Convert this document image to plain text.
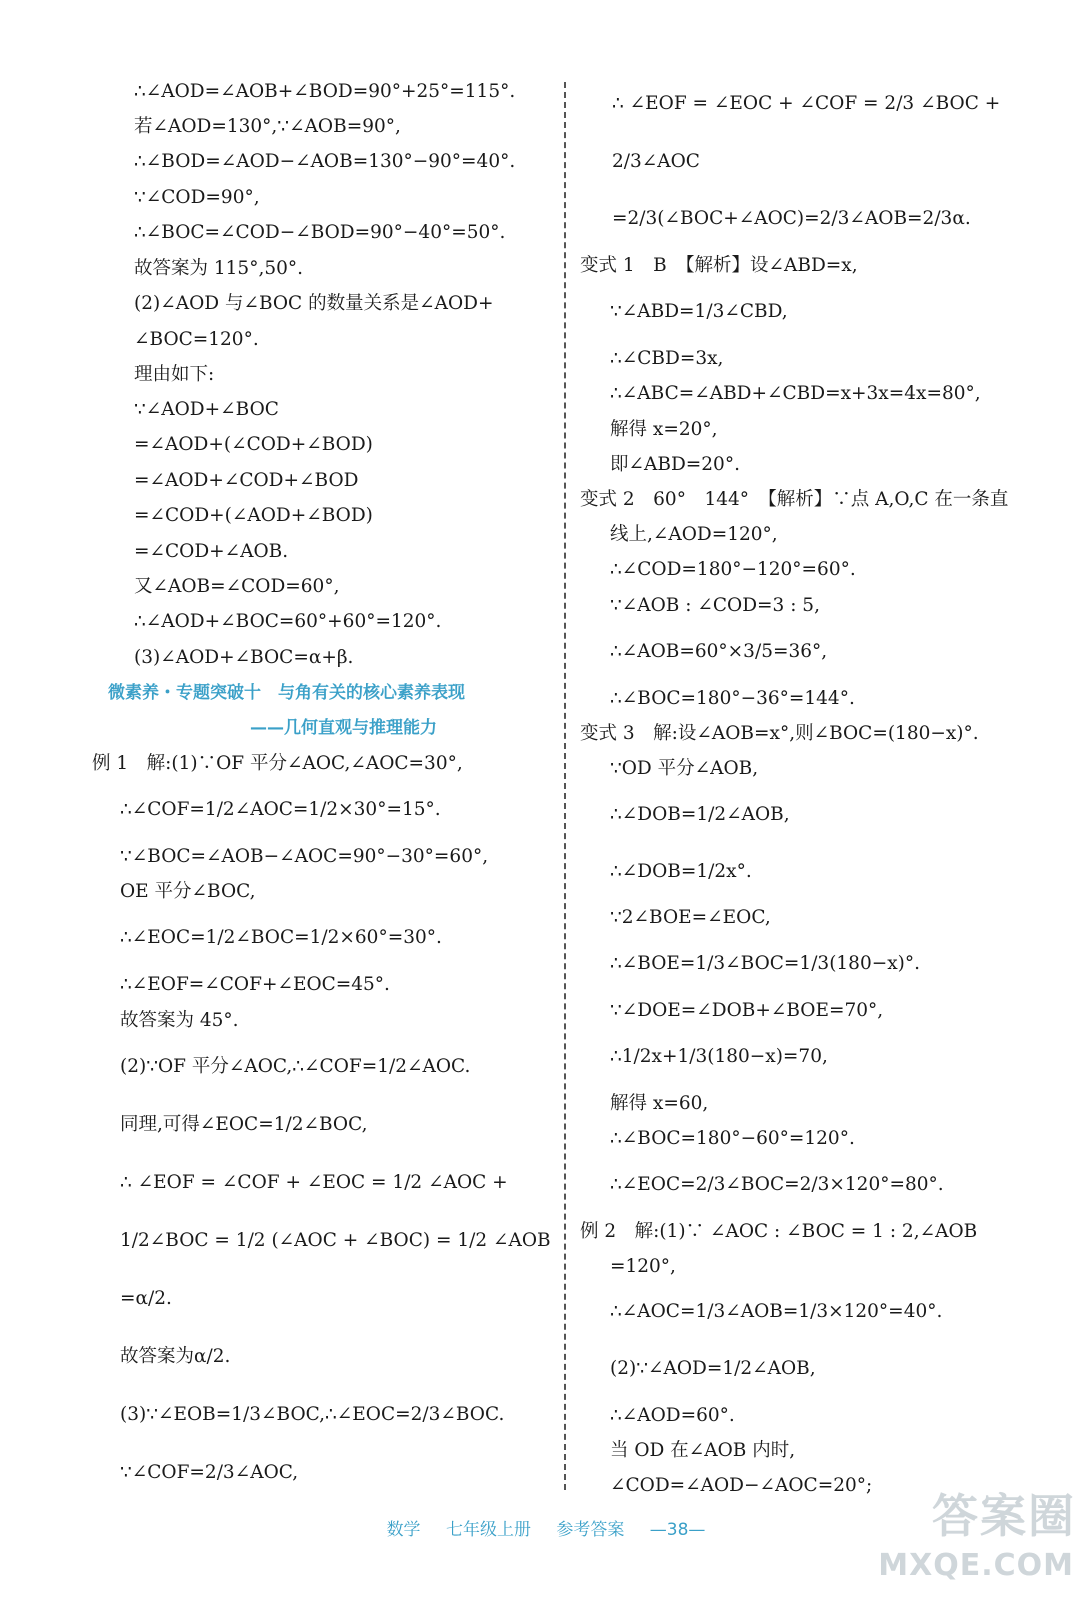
∴∠AOD=∠AOB+∠BOD=90°+25°=115°.
若∠AOD=130°,∵∠AOB=90°,
∴∠BOD=∠AOD−∠AOB=130°−90°=40°.
∵∠COD=90°,
∴∠BOC=∠COD−∠BOD=90°−40°=50°.
故答案为 115°,50°.
(2)∠AOD 与∠BOC 的数量关系是∠AOD+
∠BOC=120°.
理由如下:
∵∠AOD+∠BOC
=∠AOD+(∠COD+∠BOD)
=∠AOD+∠COD+∠BOD
=∠COD+(∠AOD+∠BOD)
=∠COD+∠AOB.
又∠AOB=∠COD=60°,
∴∠AOD+∠BOC=60°+60°=120°.
(3)∠AOD+∠BOC=α+β.
例 1　解:(1)∵OF 平分∠AOC,∠AOC=30°,
∴∠COF=1/2∠AOC=1/2×30°=15°.
∵∠BOC=∠AOB−∠AOC=90°−30°=60°,
OE 平分∠BOC,
∴∠EOC=1/2∠BOC=1/2×60°=30°.
∴∠EOF=∠COF+∠EOC=45°.
故答案为 45°.
(2)∵OF 平分∠AOC,∴∠COF=1/2∠AOC.
同理,可得∠EOC=1/2∠BOC,
∴ ∠EOF = ∠COF + ∠EOC = 1/2 ∠AOC +
1/2∠BOC = 1/2 (∠AOC + ∠BOC) = 1/2 ∠AOB
=α/2.
故答案为α/2.
(3)∵∠EOB=1/3∠BOC,∴∠EOC=2/3∠BOC.
∵∠COF=2/3∠AOC,
微素养・专题突破十　与角有关的核心素养表现
——几何直观与推理能力
∴ ∠EOF = ∠EOC + ∠COF = 2/3 ∠BOC +
2/3∠AOC
=2/3(∠BOC+∠AOC)=2/3∠AOB=2/3α.
变式 1　B　【解析】设∠ABD=x,
∵∠ABD=1/3∠CBD,
∴∠CBD=3x,
∴∠ABC=∠ABD+∠CBD=x+3x=4x=80°,
解得 x=20°,
即∠ABD=20°.
变式 2　60°　144°　【解析】∵点 A,O,C 在一条直
线上,∠AOD=120°,
∴∠COD=180°−120°=60°.
∵∠AOB : ∠COD=3 : 5,
∴∠AOB=60°×3/5=36°,
∴∠BOC=180°−36°=144°.
变式 3　解:设∠AOB=x°,则∠BOC=(180−x)°.
∵OD 平分∠AOB,
∴∠DOB=1/2∠AOB,
∴∠DOB=1/2x°.
∵2∠BOE=∠EOC,
∴∠BOE=1/3∠BOC=1/3(180−x)°.
∵∠DOE=∠DOB+∠BOE=70°,
∴1/2x+1/3(180−x)=70,
解得 x=60,
∴∠BOC=180°−60°=120°.
∴∠EOC=2/3∠BOC=2/3×120°=80°.
例 2　解:(1)∵ ∠AOC : ∠BOC = 1 : 2,∠AOB
=120°,
∴∠AOC=1/3∠AOB=1/3×120°=40°.
(2)∵∠AOD=1/2∠AOB,
∴∠AOD=60°.
当 OD 在∠AOB 内时,
∠COD=∠AOD−∠AOC=20°;
数学 七年级上册 参考答案 —38—	答案圈
MXQE.COM
